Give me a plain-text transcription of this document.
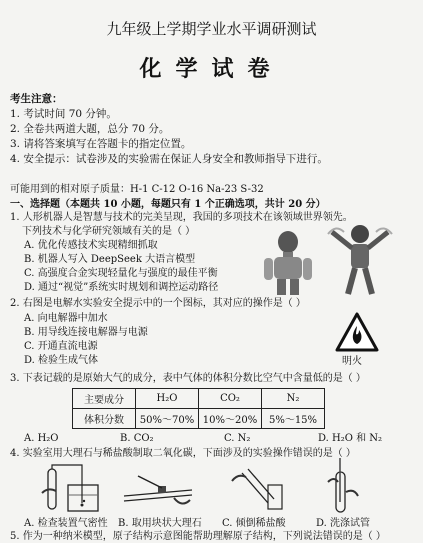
九年级上学期学业水平调研测试
化学试卷
考生注意：
1. 考试时间 70 分钟。
2. 全卷共两道大题，总分 70 分。
3. 请将答案填写在答题卡的指定位置。
4. 安全提示：试卷涉及的实验需在保证人身安全和教师指导下进行。
可能用到的相对原子质量：H-1 C-12 O-16 Na-23 S-32
一、选择题（本题共 10 小题，每题只有 1 个正确选项，共计 20 分）
1. 人形机器人是智慧与技术的完美呈现，我国的多项技术在该领域世界领先。
下列技术与化学研究领域有关的是（ ）
A. 优化传感技术实现精细抓取
B. 机器人写入 DeepSeek 大语言模型
C. 高强度合金实现轻量化与强度的最佳平衡
D. 通过“视觉”系统实时规划和调控运动路径
2. 右图是电解水实验安全提示中的一个图标，其对应的操作是（ ）
A. 向电解器中加水
B. 用导线连接电解器与电源
C. 开通直流电源
D. 检验生成气体	明火
3. 下表记载的是原始大气的成分，表中气体的体积分数比空气中含量低的是（ ）
主要成分	H₂O	CO₂	N₂
体积分数	50%～70%	10%～20%	5%～15%
A. H₂O	B. CO₂	C. N₂	D. H₂O 和 N₂
4. 实验室用大理石与稀盐酸制取二氧化碳，下面涉及的实验操作错误的是（ ）
A. 检查装置气密性 B. 取用块状大理石 C. 倾倒稀盐酸	D. 洗涤试管
5. 作为一种纳米模型，原子结构示意图能帮助理解原子结构，下列说法错误的是（ ）
